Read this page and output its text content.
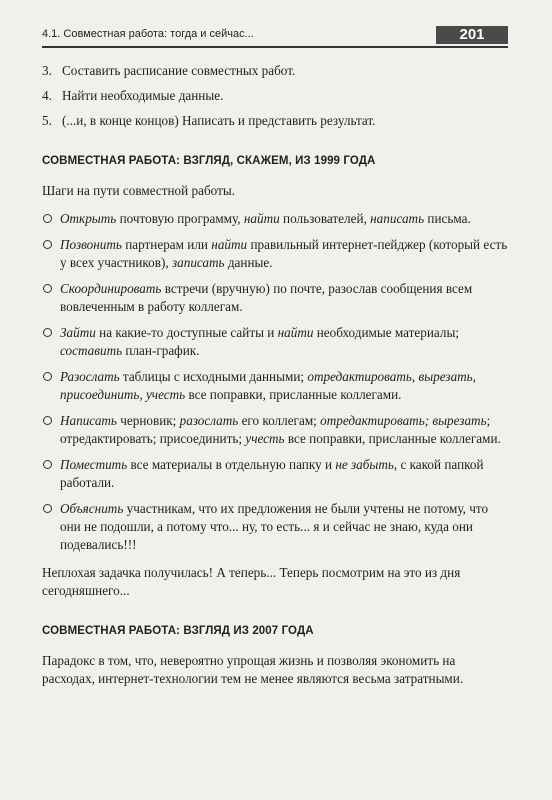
4.1. Совместная работа: тогда и сейчас...	201
3. Составить расписание совместных работ.
4. Найти необходимые данные.
5. (...и, в конце концов) Написать и представить результат.
СОВМЕСТНАЯ РАБОТА: ВЗГЛЯД, СКАЖЕМ, ИЗ 1999 ГОДА

Шаги на пути совместной работы.

Открыть почтовую программу, найти пользователей, написать письма.
Позвонить партнерам или найти правильный интернет-пейджер (который есть у всех участников), записать данные.
Скоординировать встречи (вручную) по почте, разослав сообщения всем вовлеченным в работу коллегам.
Зайти на какие-то доступные сайты и найти необходимые материалы; составить план-график.
Разослать таблицы с исходными данными; отредактировать, вырезать, присоединить, учесть все поправки, присланные коллегами.
Написать черновик; разослать его коллегам; отредактировать; вырезать; отредактировать; присоединить; учесть все поправки, присланные коллегами.
Поместить все материалы в отдельную папку и не забыть, с какой папкой работали.
Объяснить участникам, что их предложения не были учтены не потому, что они не подошли, а потому что... ну, то есть... я и сейчас не знаю, куда они подевались!!!

Неплохая задачка получилась! А теперь... Теперь посмотрим на это из дня сегодняшнего...

СОВМЕСТНАЯ РАБОТА: ВЗГЛЯД ИЗ 2007 ГОДА

Парадокс в том, что, невероятно упрощая жизнь и позволяя экономить на расходах, интернет-технологии тем не менее являются весьма затратными.
